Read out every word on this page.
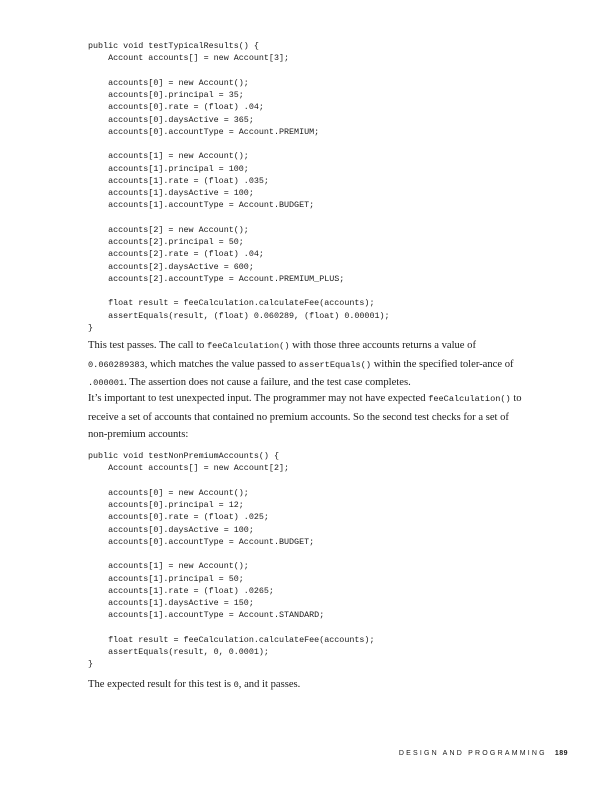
public void testTypicalResults() {
Account accounts[] = new Account[3];
accounts[0] = new Account();
accounts[0].principal = 35;
accounts[0].rate = (float) .04;
accounts[0].daysActive = 365;
accounts[0].accountType = Account.PREMIUM;
accounts[1] = new Account();
accounts[1].principal = 100;
accounts[1].rate = (float) .035;
accounts[1].daysActive = 100;
accounts[1].accountType = Account.BUDGET;
accounts[2] = new Account();
accounts[2].principal = 50;
accounts[2].rate = (float) .04;
accounts[2].daysActive = 600;
accounts[2].accountType = Account.PREMIUM_PLUS;
float result = feeCalculation.calculateFee(accounts);
assertEquals(result, (float) 0.060289, (float) 0.00001);
}

This test passes. The call to feeCalculation() with those three accounts returns a value of 0.060289383, which matches the value passed to assertEquals() within the specified toler-ance of .000001. The assertion does not cause a failure, and the test case completes.

It’s important to test unexpected input. The programmer may not have expected feeCalculation() to receive a set of accounts that contained no premium accounts. So the second test checks for a set of non-premium accounts:

public void testNonPremiumAccounts() {
Account accounts[] = new Account[2];
accounts[0] = new Account();
accounts[0].principal = 12;
accounts[0].rate = (float) .025;
accounts[0].daysActive = 100;
accounts[0].accountType = Account.BUDGET;
accounts[1] = new Account();
accounts[1].principal = 50;
accounts[1].rate = (float) .0265;
accounts[1].daysActive = 150;
accounts[1].accountType = Account.STANDARD;
float result = feeCalculation.calculateFee(accounts);
assertEquals(result, 0, 0.0001);
}

The expected result for this test is 0, and it passes.

DESIGN AND PROGRAMMING 189
